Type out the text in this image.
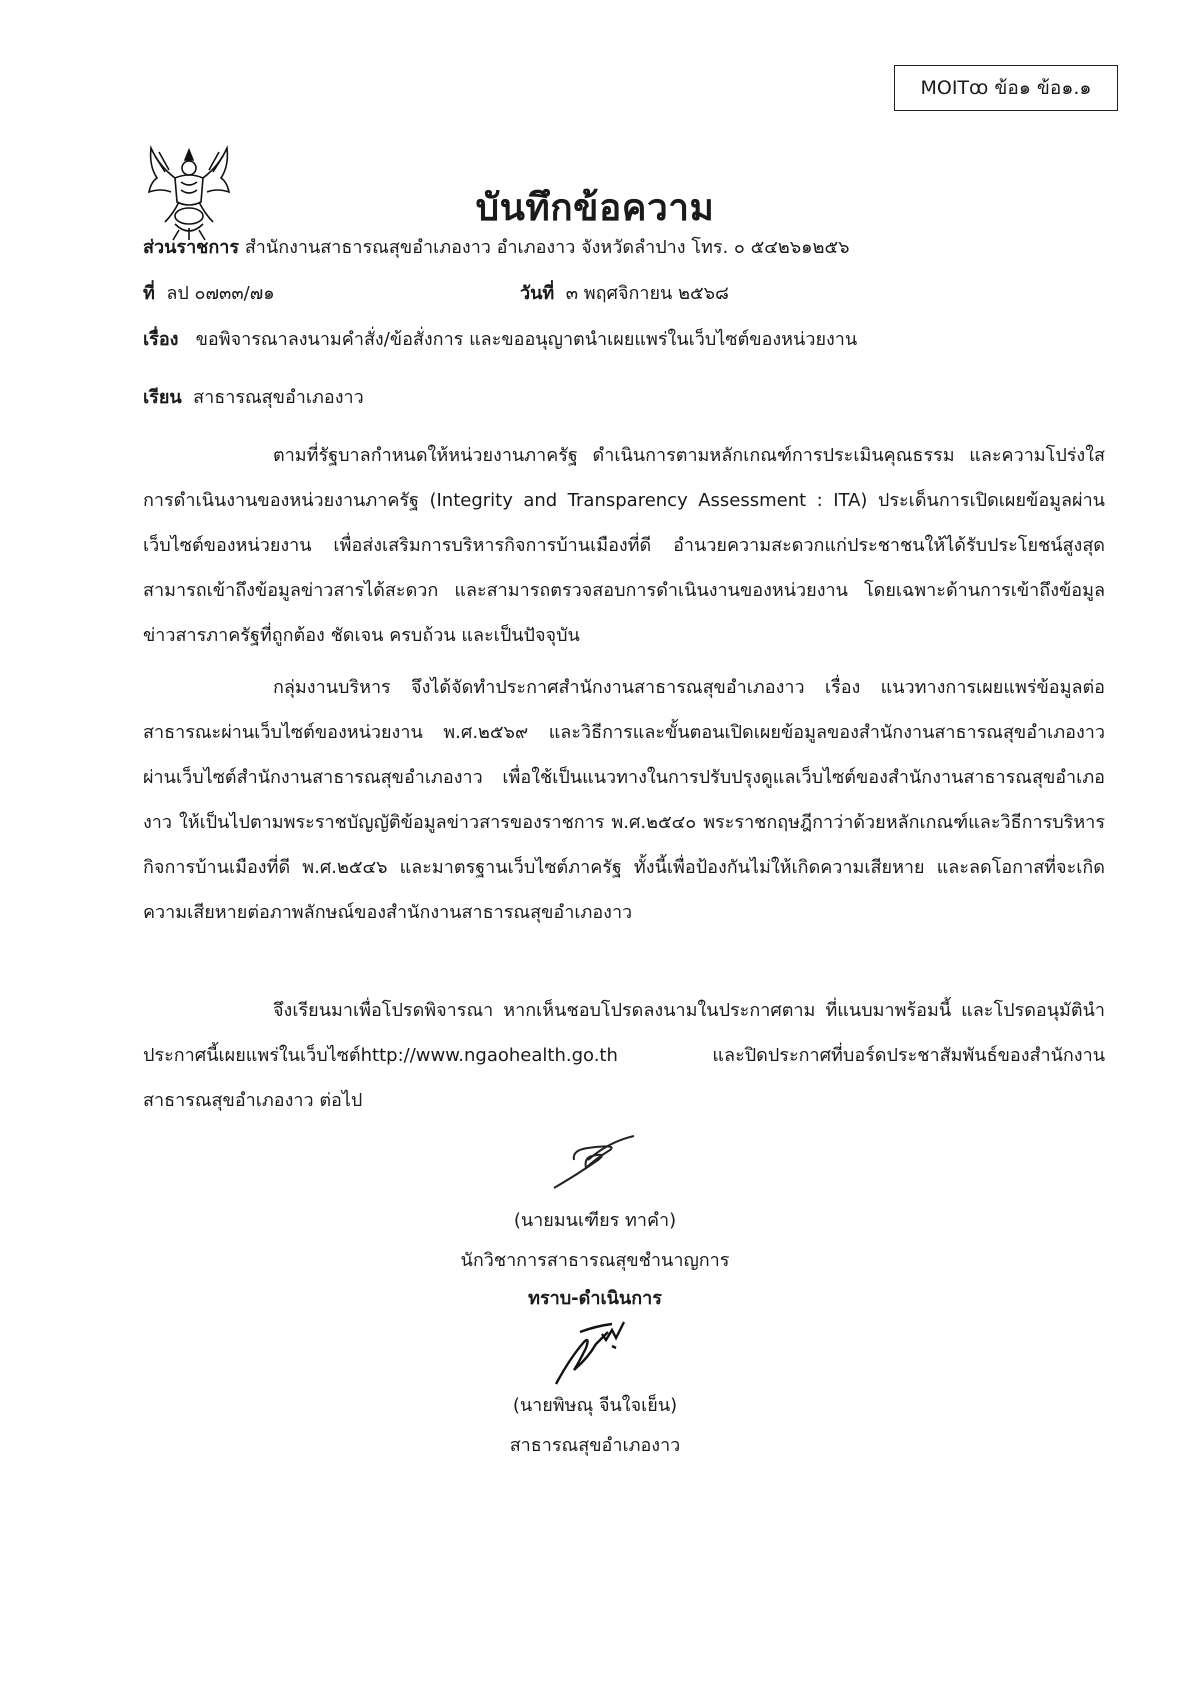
MOITꝏ ข้อ๑ ข้อ๑.๑
บันทึกข้อความ
ส่วนราชการ สำนักงานสาธารณสุขอำเภองาว อำเภองาว จังหวัดลำปาง โทร. ๐ ๕๔๒๖๑๒๕๖
ที่ ลป ๐๗๓๓/๗๑	วันที่ ๓ พฤศจิกายน ๒๕๖๘
เรื่อง ขอพิจารณาลงนามคำสั่ง/ข้อสั่งการ และขออนุญาตนำเผยแพร่ในเว็บไซต์ของหน่วยงาน
เรียน สาธารณสุขอำเภองาว
ตามที่รัฐบาลกำหนดให้หน่วยงานภาครัฐ ดำเนินการตามหลักเกณฑ์การประเมินคุณธรรม และความโปร่งใสการดำเนินงานของหน่วยงานภาครัฐ (Integrity and Transparency Assessment : ITA) ประเด็นการเปิดเผยข้อมูลผ่านเว็บไซต์ของหน่วยงาน เพื่อส่งเสริมการบริหารกิจการบ้านเมืองที่ดี อำนวยความสะดวกแก่ประชาชนให้ได้รับประโยชน์สูงสุด สามารถเข้าถึงข้อมูลข่าวสารได้สะดวก และสามารถตรวจสอบการดำเนินงานของหน่วยงาน โดยเฉพาะด้านการเข้าถึงข้อมูลข่าวสารภาครัฐที่ถูกต้อง ชัดเจน ครบถ้วน และเป็นปัจจุบัน
กลุ่มงานบริหาร จึงได้จัดทำประกาศสำนักงานสาธารณสุขอำเภองาว เรื่อง แนวทางการเผยแพร่ข้อมูลต่อสาธารณะผ่านเว็บไซต์ของหน่วยงาน พ.ศ.๒๕๖๙ และวิธีการและขั้นตอนเปิดเผยข้อมูลของสำนักงานสาธารณสุขอำเภองาวผ่านเว็บไซต์สำนักงานสาธารณสุขอำเภองาว เพื่อใช้เป็นแนวทางในการปรับปรุงดูแลเว็บไซต์ของสำนักงานสาธารณสุขอำเภองาว ให้เป็นไปตามพระราชบัญญัติข้อมูลข่าวสารของราชการ พ.ศ.๒๕๔๐ พระราชกฤษฎีกาว่าด้วยหลักเกณฑ์และวิธีการบริหารกิจการบ้านเมืองที่ดี พ.ศ.๒๕๔๖ และมาตรฐานเว็บไซต์ภาครัฐ ทั้งนี้เพื่อป้องกันไม่ให้เกิดความเสียหาย และลดโอกาสที่จะเกิดความเสียหายต่อภาพลักษณ์ของสำนักงานสาธารณสุขอำเภองาว
จึงเรียนมาเพื่อโปรดพิจารณา หากเห็นชอบโปรดลงนามในประกาศตาม ที่แนบมาพร้อมนี้ และโปรดอนุมัตินำประกาศนี้เผยแพร่ในเว็บไซต์http://www.ngaohealth.go.th และปิดประกาศที่บอร์ดประชาสัมพันธ์ของสำนักงานสาธารณสุขอำเภองาว ต่อไป
(นายมนเฑียร ทาคำ)
นักวิชาการสาธารณสุขชำนาญการ
ทราบ-ดำเนินการ
(นายพิษณุ จีนใจเย็น)
สาธารณสุขอำเภองาว
